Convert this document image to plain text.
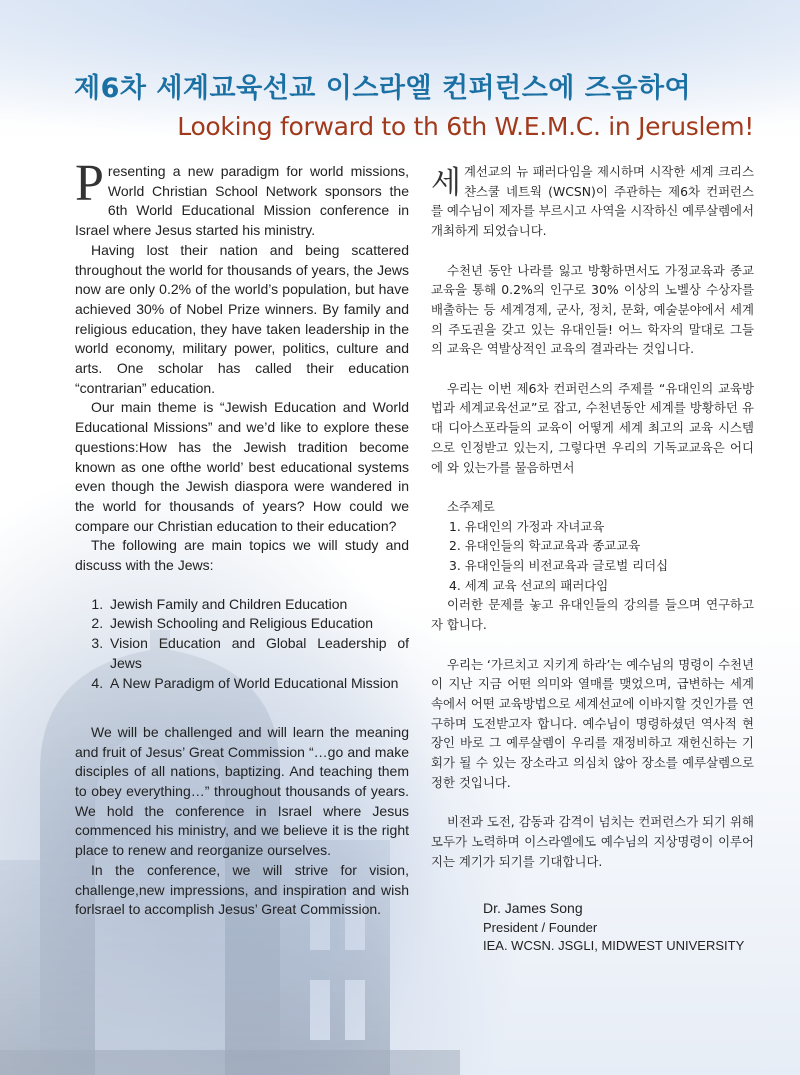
제6차 세계교육선교 이스라엘 컨퍼런스에 즈음하여
Looking forward to th 6th W.E.M.C. in Jeruslem!

Presenting a new paradigm for world missions, World Christian School Network sponsors the 6th World Educational Mission conference in Israel where Jesus started his ministry.

Having lost their nation and being scattered throughout the world for thousands of years, the Jews now are only 0.2% of the world’s population, but have achieved 30% of Nobel Prize winners. By family and religious education, they have taken leadership in the world economy, military power, politics, culture and arts. One scholar has called their education “contrarian” education.

Our main theme is “Jewish Education and World Educational Missions” and we’d like to explore these questions:How has the Jewish tradition become known as one ofthe world’ best educational systems even though the Jewish diaspora were wandered in the world for thousands of years? How could we compare our Christian education to their education?

The following are main topics we will study and discuss with the Jews:

1. Jewish Family and Children Education
2. Jewish Schooling and Religious Education
3. Vision Education and Global Leadership of Jews
4. A New Paradigm of World Educational Mission

We will be challenged and will learn the meaning and fruit of Jesus’ Great Commission “…go and make disciples of all nations, baptizing. And teaching them to obey everything…” throughout thousands of years. We hold the conference in Israel where Jesus commenced his ministry, and we believe it is the right place to renew and reorganize ourselves.

In the conference, we will strive for vision, challenge,new impressions, and inspiration and wish forlsrael to accomplish Jesus’ Great Commission.

세계선교의 뉴 패러다임을 제시하며 시작한 세계 크리스챤스쿨 네트웍 (WCSN)이 주관하는 제6차 컨퍼런스를 예수님이 제자를 부르시고 사역을 시작하신 예루살렘에서 개최하게 되었습니다.

수천년 동안 나라를 잃고 방황하면서도 가정교육과 종교교육을 통해 0.2%의 인구로 30% 이상의 노벨상 수상자를 배출하는 등 세계경제, 군사, 정치, 문화, 예술분야에서 세계의 주도권을 갖고 있는 유대인들! 어느 학자의 말대로 그들의 교육은 역발상적인 교육의 결과라는 것입니다.

우리는 이번 제6차 컨퍼런스의 주제를 “유대인의 교육방법과 세계교육선교”로 잡고, 수천년동안 세계를 방황하던 유대 디아스포라들의 교육이 어떻게 세계 최고의 교육 시스템으로 인정받고 있는지, 그렇다면 우리의 기독교교육은 어디에 와 있는가를 물음하면서

소주제로

1. 유대인의 가정과 자녀교육
2. 유대인들의 학교교육과 종교교육
3. 유대인들의 비전교육과 글로벌 리더십
4. 세계 교육 선교의 패러다임

이러한 문제를 놓고 유대인들의 강의를 들으며 연구하고자 합니다.

우리는 ‘가르치고 지키게 하라’는 예수님의 명령이 수천년이 지난 지금 어떤 의미와 열매를 맺었으며, 급변하는 세계 속에서 어떤 교육방법으로 세계선교에 이바지할 것인가를 연구하며 도전받고자 합니다. 예수님이 명령하셨던 역사적 현장인 바로 그 예루살렘이 우리를 재정비하고 재헌신하는 기회가 될 수 있는 장소라고 의심치 않아 장소를 예루살렘으로 정한 것입니다.

비전과 도전, 감동과 감격이 넘치는 컨퍼런스가 되기 위해 모두가 노력하며 이스라엘에도 예수님의 지상명령이 이루어지는 계기가 되기를 기대합니다.

Dr. James Song
President / Founder
IEA. WCSN. JSGLI, MIDWEST UNIVERSITY
